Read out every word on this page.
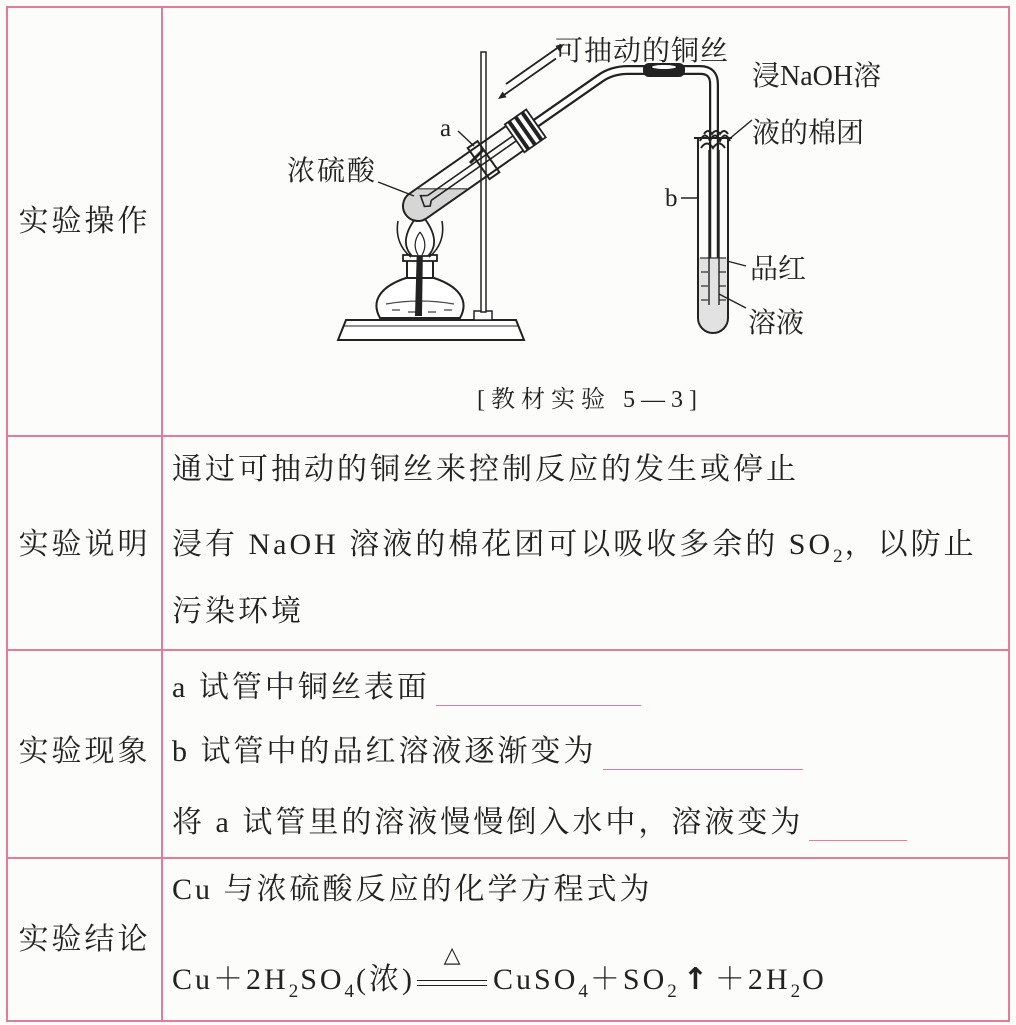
实验操作
实验说明
实验现象
实验结论
可抽动的铜丝
浸NaOH溶
液的棉团
a
浓硫酸
b
品红
溶液
[教材实验 5—3]
通过可抽动的铜丝来控制反应的发生或停止
浸有 NaOH 溶液的棉花团可以吸收多余的 $SO_2$，以防止
污染环境
a 试管中铜丝表面
b 试管中的品红溶液逐渐变为
将 a 试管里的溶液慢慢倒入水中，溶液变为
Cu 与浓硫酸反应的化学方程式为
$Cu+2H_2SO_4$(浓)
△
$CuSO_4+SO_2$ ↑ $+2H_2O$
